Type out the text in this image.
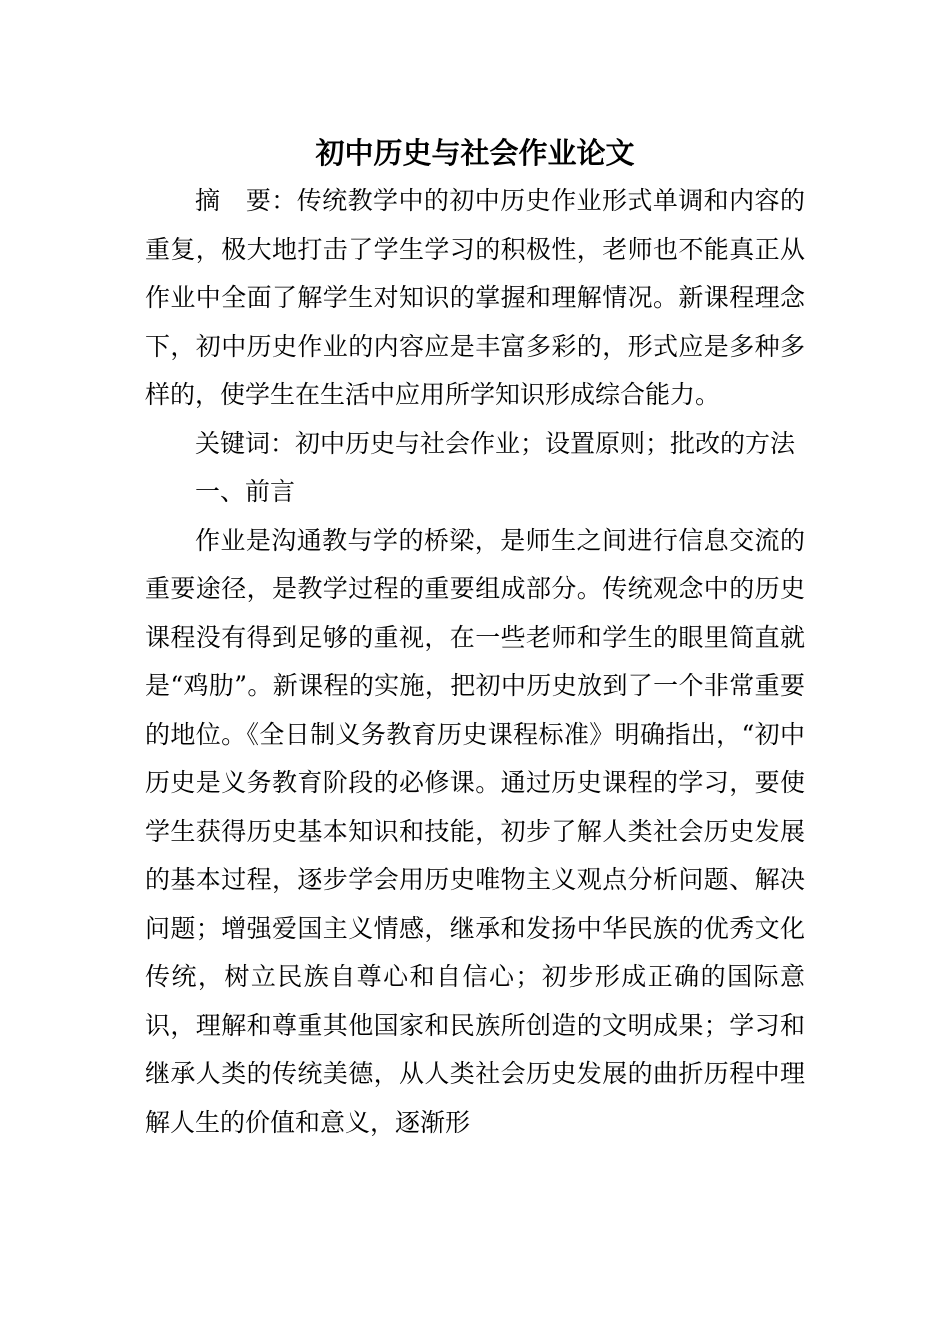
初中历史与社会作业论文

摘　要：传统教学中的初中历史作业形式单调和内容的重复，极大地打击了学生学习的积极性，老师也不能真正从作业中全面了解学生对知识的掌握和理解情况。新课程理念下，初中历史作业的内容应是丰富多彩的，形式应是多种多样的，使学生在生活中应用所学知识形成综合能力。

关键词：初中历史与社会作业；设置原则；批改的方法

一、前言

作业是沟通教与学的桥梁，是师生之间进行信息交流的重要途径，是教学过程的重要组成部分。传统观念中的历史课程没有得到足够的重视，在一些老师和学生的眼里简直就是“鸡肋”。新课程的实施，把初中历史放到了一个非常重要的地位。《全日制义务教育历史课程标准》明确指出，“初中历史是义务教育阶段的必修课。通过历史课程的学习，要使学生获得历史基本知识和技能，初步了解人类社会历史发展的基本过程，逐步学会用历史唯物主义观点分析问题、解决问题；增强爱国主义情感，继承和发扬中华民族的优秀文化传统，树立民族自尊心和自信心；初步形成正确的国际意识，理解和尊重其他国家和民族所创造的文明成果；学习和继承人类的传统美德，从人类社会历史发展的曲折历程中理解人生的价值和意义，逐渐形
